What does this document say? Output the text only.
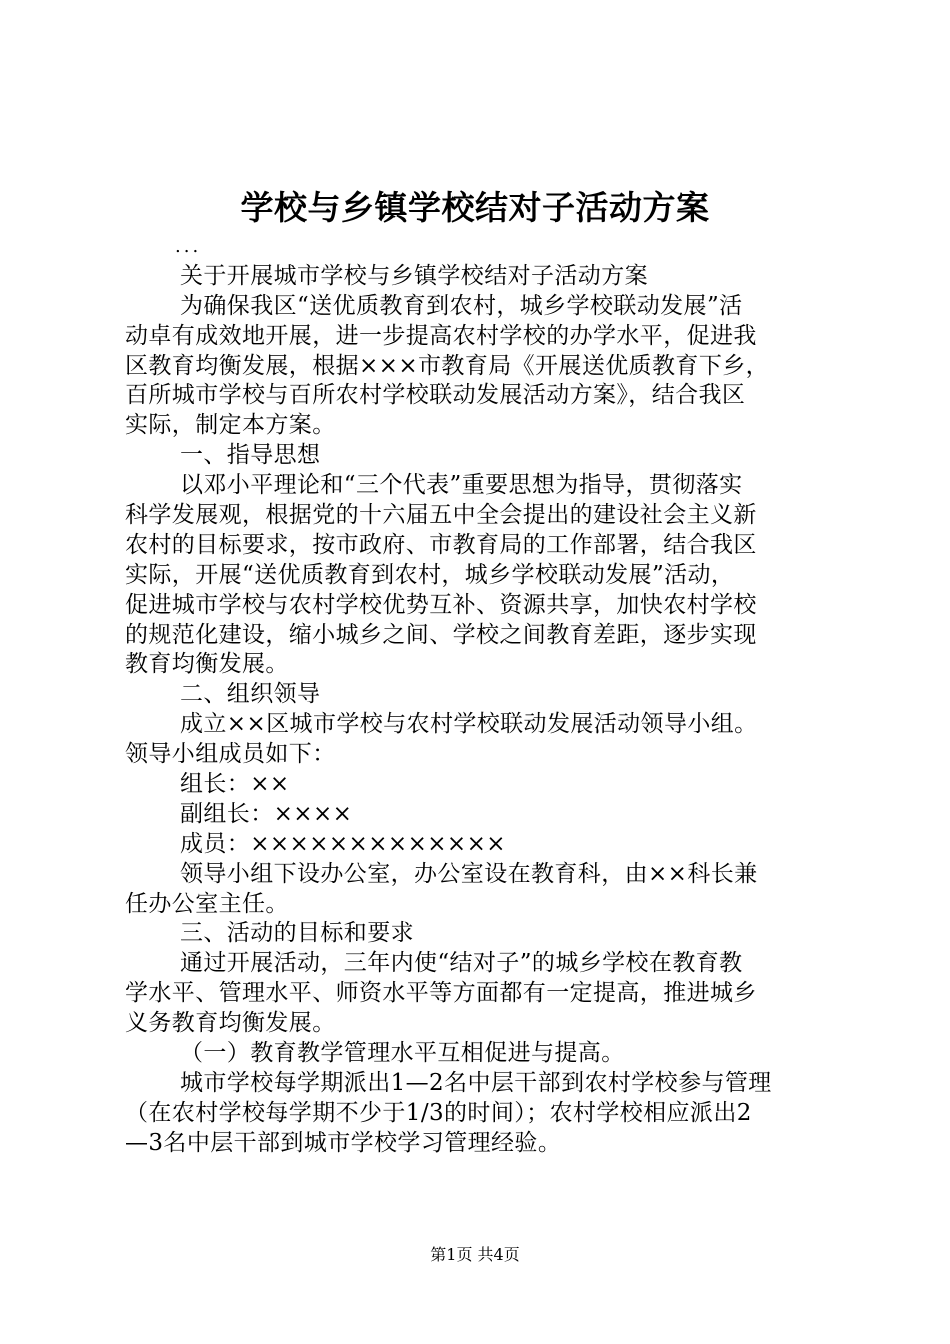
学校与乡镇学校结对子活动方案
...
关于开展城市学校与乡镇学校结对子活动方案
为确保我区“送优质教育到农村，城乡学校联动发展”活
动卓有成效地开展，进一步提高农村学校的办学水平，促进我
区教育均衡发展，根据×××市教育局《开展送优质教育下乡，
百所城市学校与百所农村学校联动发展活动方案》，结合我区
实际，制定本方案。
一、指导思想
以邓小平理论和“三个代表”重要思想为指导，贯彻落实
科学发展观，根据党的十六届五中全会提出的建设社会主义新
农村的目标要求，按市政府、市教育局的工作部署，结合我区
实际，开展“送优质教育到农村，城乡学校联动发展”活动，
促进城市学校与农村学校优势互补、资源共享，加快农村学校
的规范化建设，缩小城乡之间、学校之间教育差距，逐步实现
教育均衡发展。
二、组织领导
成立××区城市学校与农村学校联动发展活动领导小组。
领导小组成员如下：
组长：××
副组长：××××
成员：×××××××××××××
领导小组下设办公室，办公室设在教育科，由××科长兼
任办公室主任。
三、活动的目标和要求
通过开展活动，三年内使“结对子”的城乡学校在教育教
学水平、管理水平、师资水平等方面都有一定提高，推进城乡
义务教育均衡发展。
（一）教育教学管理水平互相促进与提高。
城市学校每学期派出1—2名中层干部到农村学校参与管理
（在农村学校每学期不少于1/3的时间）；农村学校相应派出2
—3名中层干部到城市学校学习管理经验。
第1页 共4页
